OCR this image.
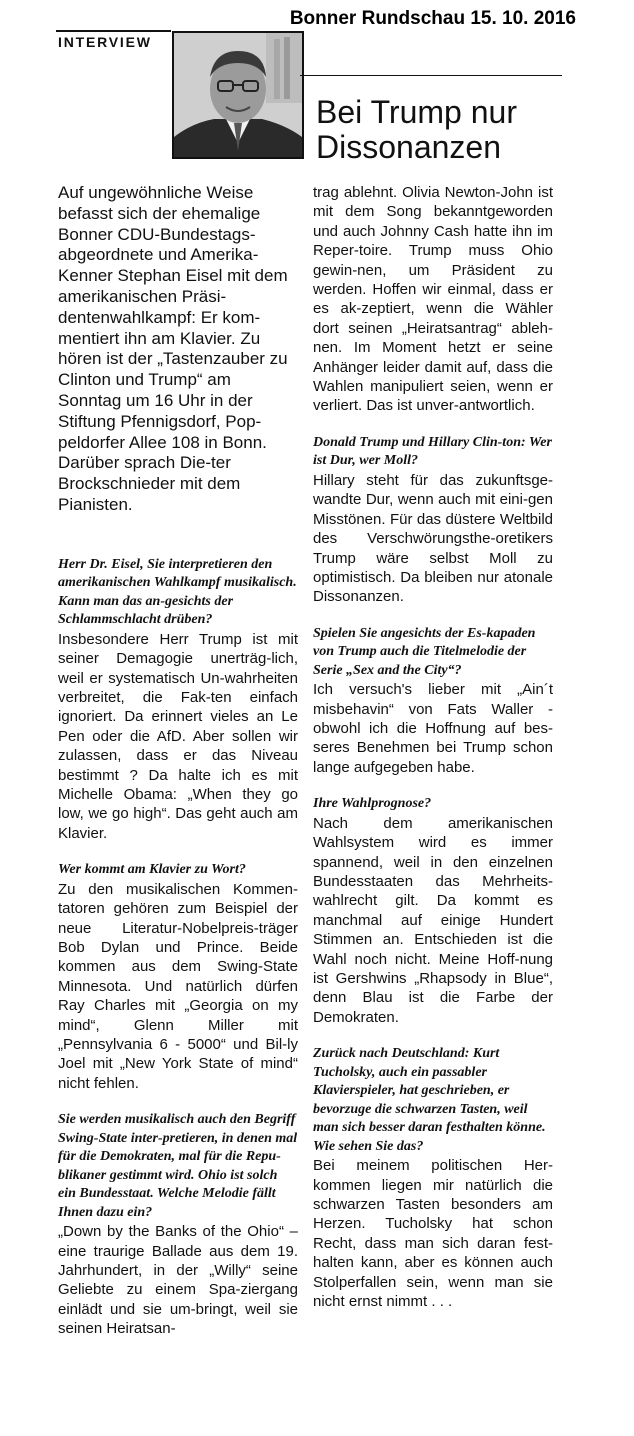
Bonner Rundschau 15. 10. 2016
INTERVIEW
Bei Trump nur Dissonanzen

Auf ungewöhnliche Weise befasst sich der ehemalige Bonner CDU-Bundestags-abgeordnete und Amerika-Kenner Stephan Eisel mit dem amerikanischen Präsi-dentenwahlkampf: Er kom-mentiert ihn am Klavier. Zu hören ist der „Tastenzauber zu Clinton und Trump“ am Sonntag um 16 Uhr in der Stiftung Pfennigsdorf, Pop-peldorfer Allee 108 in Bonn. Darüber sprach Die-ter Brockschnieder mit dem Pianisten.

Herr Dr. Eisel, Sie interpretieren den amerikanischen Wahlkampf musikalisch. Kann man das an-gesichts der Schlammschlacht drüben?

Insbesondere Herr Trump ist mit seiner Demagogie unerträg-lich, weil er systematisch Un-wahrheiten verbreitet, die Fak-ten einfach ignoriert. Da erinnert vieles an Le Pen oder die AfD. Aber sollen wir zulassen, dass er das Niveau bestimmt ? Da halte ich es mit Michelle Obama: „When they go low, we go high“. Das geht auch am Klavier.

Wer kommt am Klavier zu Wort?

Zu den musikalischen Kommen-tatoren gehören zum Beispiel der neue Literatur-Nobelpreis-träger Bob Dylan und Prince. Beide kommen aus dem Swing-State Minnesota. Und natürlich dürfen Ray Charles mit „Georgia on my mind“, Glenn Miller mit „Pennsylvania 6 - 5000“ und Bil-ly Joel mit „New York State of mind“ nicht fehlen.

Sie werden musikalisch auch den Begriff Swing-State inter-pretieren, in denen mal für die Demokraten, mal für die Repu-blikaner gestimmt wird. Ohio ist solch ein Bundesstaat. Welche Melodie fällt Ihnen dazu ein?

„Down by the Banks of the Ohio“ – eine traurige Ballade aus dem 19. Jahrhundert, in der „Willy“ seine Geliebte zu einem Spa-ziergang einlädt und sie um-bringt, weil sie seinen Heiratsan-

trag ablehnt. Olivia Newton-John ist mit dem Song bekanntgeworden und auch Johnny Cash hatte ihn im Reper-toire. Trump muss Ohio gewin-nen, um Präsident zu werden. Hoffen wir einmal, dass er es ak-zeptiert, wenn die Wähler dort seinen „Heiratsantrag“ ableh-nen. Im Moment hetzt er seine Anhänger leider damit auf, dass die Wahlen manipuliert seien, wenn er verliert. Das ist unver-antwortlich.

Donald Trump und Hillary Clin-ton: Wer ist Dur, wer Moll?

Hillary steht für das zukunftsge-wandte Dur, wenn auch mit eini-gen Misstönen. Für das düstere Weltbild des Verschwörungsthe-oretikers Trump wäre selbst Moll zu optimistisch. Da bleiben nur atonale Dissonanzen.

Spielen Sie angesichts der Es-kapaden von Trump auch die Titelmelodie der Serie „Sex and the City“?

Ich versuch's lieber mit „Ain´t misbehavin“ von Fats Waller - obwohl ich die Hoffnung auf bes-seres Benehmen bei Trump schon lange aufgegeben habe.

Ihre Wahlprognose?

Nach dem amerikanischen Wahlsystem wird es immer spannend, weil in den einzelnen Bundesstaaten das Mehrheits-wahlrecht gilt. Da kommt es manchmal auf einige Hundert Stimmen an. Entschieden ist die Wahl noch nicht. Meine Hoff-nung ist Gershwins „Rhapsody in Blue“, denn Blau ist die Farbe der Demokraten.

Zurück nach Deutschland: Kurt Tucholsky, auch ein passabler Klavierspieler, hat geschrieben, er bevorzuge die schwarzen Tasten, weil man sich besser daran festhalten könne. Wie sehen Sie das?

Bei meinem politischen Her-kommen liegen mir natürlich die schwarzen Tasten besonders am Herzen. Tucholsky hat schon Recht, dass man sich daran fest-halten kann, aber es können auch Stolperfallen sein, wenn man sie nicht ernst nimmt . . .
